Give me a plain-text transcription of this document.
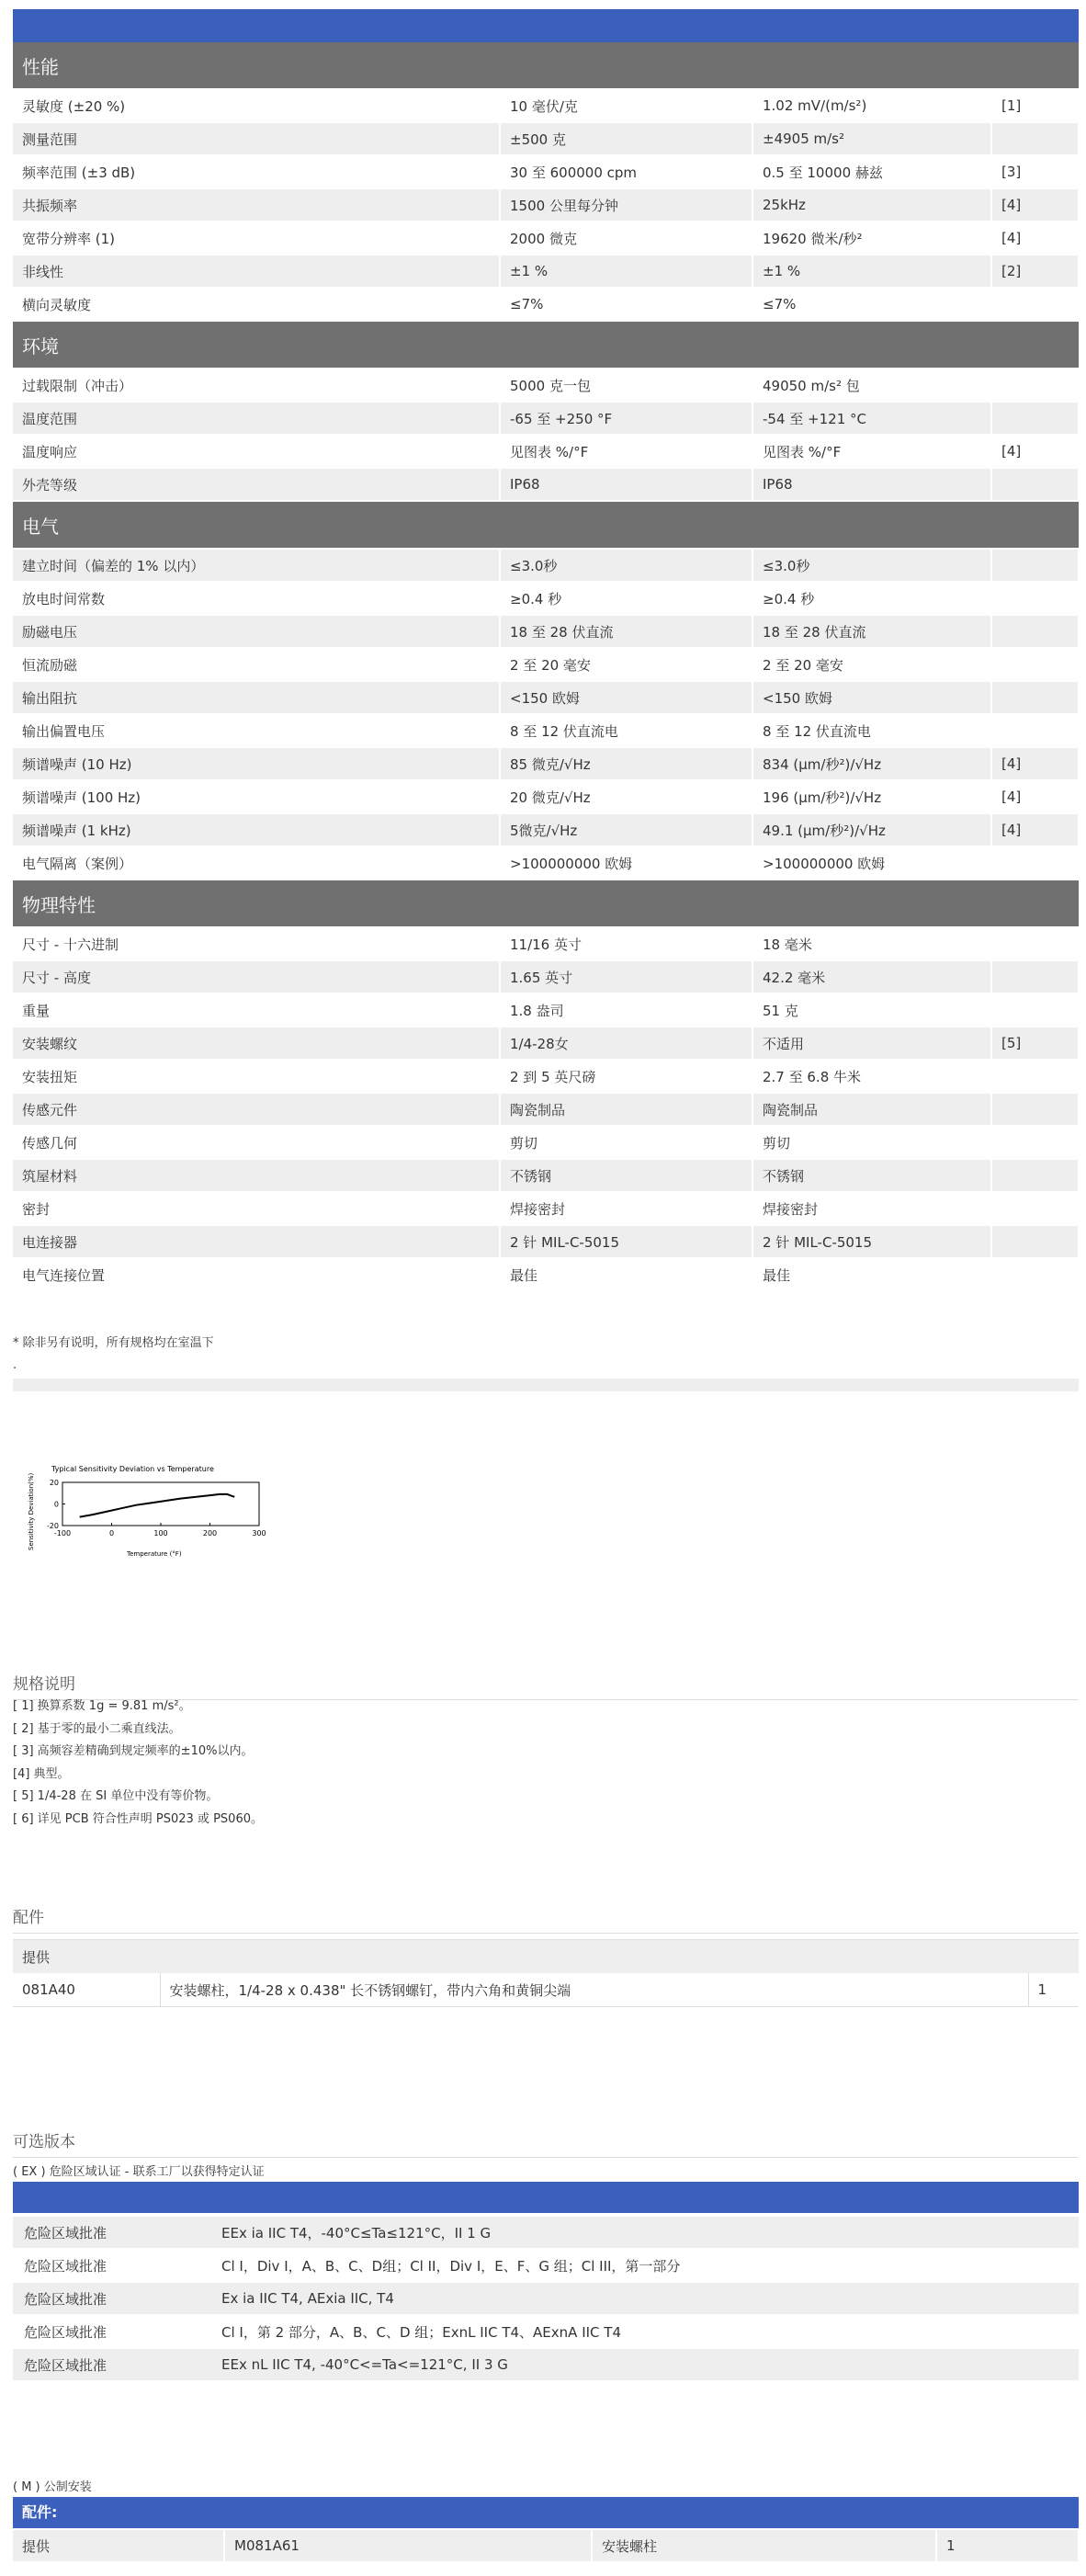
性能			
灵敏度 (±20 %)	10 毫伏/克	1.02 mV/(m/s²)	[1]
测量范围	±500 克	±4905 m/s²	
频率范围 (±3 dB)	30 至 600000 cpm	0.5 至 10000 赫兹	[3]
共振频率	1500 公里每分钟	25kHz	[4]
宽带分辨率 (1)	2000 微克	19620 微米/秒²	[4]
非线性	±1 %	±1 %	[2]
横向灵敏度	≤7%	≤7%	
环境			
过载限制（冲击）	5000 克一包	49050 m/s² 包	
温度范围	-65 至 +250 °F	-54 至 +121 °C	
温度响应	见图表 %/°F	见图表 %/°F	[4]
外壳等级	IP68	IP68	
电气			
建立时间（偏差的 1% 以内）	≤3.0秒	≤3.0秒	
放电时间常数	≥0.4 秒	≥0.4 秒	
励磁电压	18 至 28 伏直流	18 至 28 伏直流	
恒流励磁	2 至 20 毫安	2 至 20 毫安	
输出阻抗	<150 欧姆	<150 欧姆	
输出偏置电压	8 至 12 伏直流电	8 至 12 伏直流电	
频谱噪声 (10 Hz)	85 微克/√Hz	834 (μm/秒²)/√Hz	[4]
频谱噪声 (100 Hz)	20 微克/√Hz	196 (μm/秒²)/√Hz	[4]
频谱噪声 (1 kHz)	5微克/√Hz	49.1 (μm/秒²)/√Hz	[4]
电气隔离（案例）	>100000000 欧姆	>100000000 欧姆	
物理特性			
尺寸 - 十六进制	11/16 英寸	18 毫米	
尺寸 - 高度	1.65 英寸	42.2 毫米	
重量	1.8 盎司	51 克	
安装螺纹	1/4-28女	不适用	[5]
安装扭矩	2 到 5 英尺磅	2.7 至 6.8 牛米	
传感元件	陶瓷制品	陶瓷制品	
传感几何	剪切	剪切	
筑屋材料	不锈钢	不锈钢	
密封	焊接密封	焊接密封	
电连接器	2 针 MIL-C-5015	2 针 MIL-C-5015	
电气连接位置	最佳	最佳	
* 除非另有说明，所有规格均在室温下
.
Typical Sensitivity Deviation vs Temperature
Temperature (°F)
Sensitivity Deviation(%)	-100	0	100	200	300
20
0
-20
规格说明
[ 1] 换算系数 1g = 9.81 m/s²。
[ 2] 基于零的最小二乘直线法。
[ 3] 高频容差精确到规定频率的±10%以内。
[4] 典型。
[ 5] 1/4-28 在 SI 单位中没有等价物。
[ 6] 详见 PCB 符合性声明 PS023 或 PS060。
配件
提供
081A40	安装螺柱，1/4-28 x 0.438" 长不锈钢螺钉，带内六角和黄铜尖端	1
可选版本
( EX ) 危险区域认证 - 联系工厂以获得特定认证
危险区域批准	EEx ia IIC T4，-40°C≤Ta≤121°C，II 1 G
危险区域批准	Cl I，Div I，A、B、C、D组；Cl II，Div I，E、F、G 组；Cl III，第一部分
危险区域批准	Ex ia IIC T4, AExia IIC, T4
危险区域批准	Cl I，第 2 部分，A、B、C、D 组；ExnL IIC T4、AExnA IIC T4
危险区域批准	EEx nL IIC T4, -40°C<=Ta<=121°C, II 3 G
( M ) 公制安装
配件:
提供	M081A61	安装螺柱	1
